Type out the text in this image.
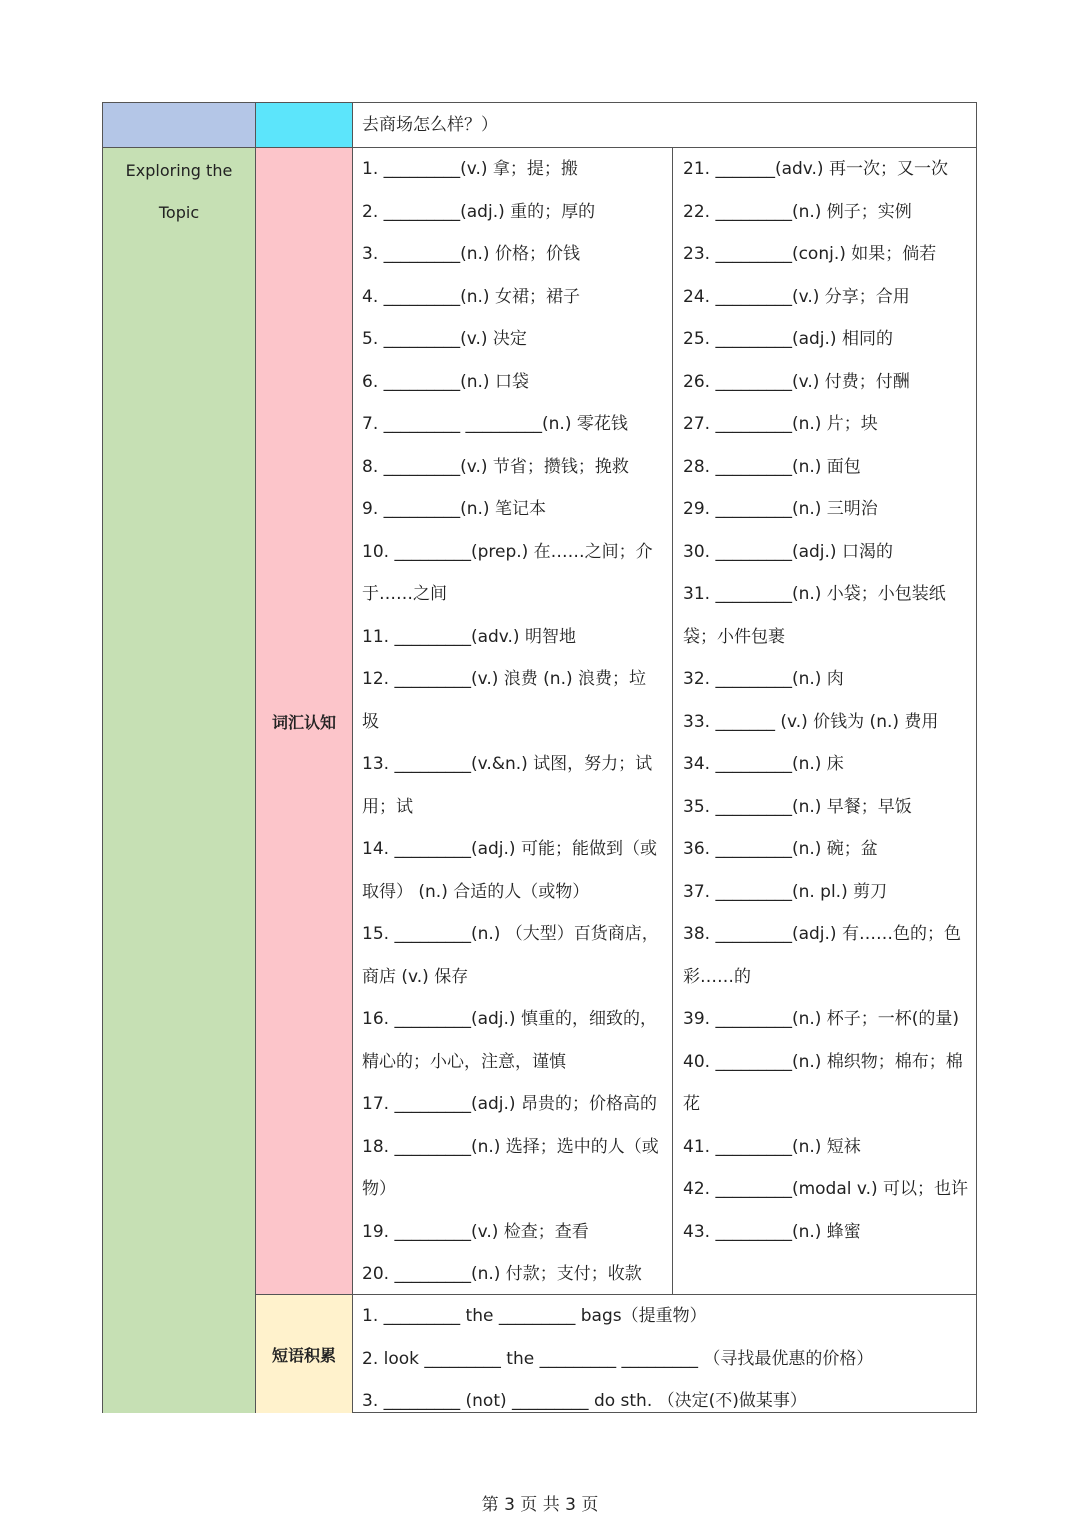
Exploring the
Topic
词汇认知
短语积累
去商场怎么样？）
1. _________(v.) 拿；提；搬
2. _________(adj.) 重的；厚的
3. _________(n.) 价格；价钱
4. _________(n.) 女裙；裙子
5. _________(v.) 决定
6. _________(n.) 口袋
7. _________ _________(n.) 零花钱
8. _________(v.) 节省；攒钱；挽救
9. _________(n.) 笔记本
10. _________(prep.) 在……之间；介
于……之间
11. _________(adv.) 明智地
12. _________(v.) 浪费 (n.) 浪费；垃
圾
13. _________(v.&n.) 试图，努力；试
用；试
14. _________(adj.) 可能；能做到（或
取得） (n.) 合适的人（或物）
15. _________(n.) （大型）百货商店，
商店 (v.) 保存
16. _________(adj.) 慎重的，细致的，
精心的；小心，注意，谨慎
17. _________(adj.) 昂贵的；价格高的
18. _________(n.) 选择；选中的人（或
物）
19. _________(v.) 检查；查看
20. _________(n.) 付款；支付；收款
21. _______(adv.) 再一次；又一次
22. _________(n.) 例子；实例
23. _________(conj.) 如果；倘若
24. _________(v.) 分享；合用
25. _________(adj.) 相同的
26. _________(v.) 付费；付酬
27. _________(n.) 片；块
28. _________(n.) 面包
29. _________(n.) 三明治
30. _________(adj.) 口渴的
31. _________(n.) 小袋；小包装纸
袋；小件包裹
32. _________(n.) 肉
33. _______ (v.) 价钱为 (n.) 费用
34. _________(n.) 床
35. _________(n.) 早餐；早饭
36. _________(n.) 碗；盆
37. _________(n. pl.) 剪刀
38. _________(adj.) 有……色的；色
彩……的
39. _________(n.) 杯子；一杯(的量)
40. _________(n.) 棉织物；棉布；棉
花
41. _________(n.) 短袜
42. _________(modal v.) 可以；也许
43. _________(n.) 蜂蜜
1. _________ the _________ bags（提重物）
2. look _________ the _________ _________ （寻找最优惠的价格）
3. _________ (not) _________ do sth. （决定(不)做某事）
第 3 页 共 3 页
